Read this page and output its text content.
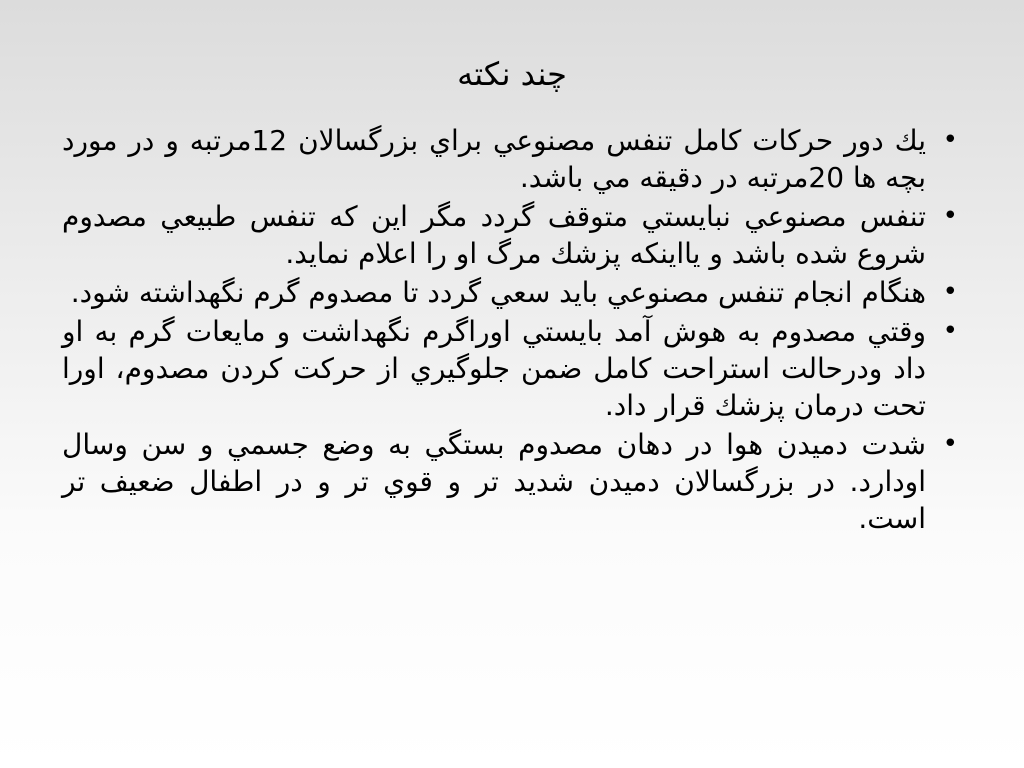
چند نكته
•
يك دور حركات كامل تنفس مصنوعي براي بزرگسالان 12مرتبه و در مورد بچه ها 20مرتبه در دقيقه مي باشد.
•
تنفس مصنوعي نبايستي متوقف گردد مگر اين كه تنفس طبيعي مصدوم شروع شده باشد و يااينكه پزشك مرگ او را اعلام نمايد.
•
هنگام انجام تنفس مصنوعي بايد سعي گردد تا مصدوم گرم نگهداشته شود.
•
وقتي مصدوم به هوش آمد بايستي اوراگرم نگهداشت و مايعات گرم به او داد ودرحالت استراحت كامل ضمن جلوگيري از حركت كردن مصدوم، اورا تحت درمان پزشك قرار داد.
•
شدت دميدن هوا در دهان مصدوم بستگي به وضع جسمي و سن وسال اودارد. در بزرگسالان دميدن شديد تر و قوي تر و در اطفال ضعيف تر است.
